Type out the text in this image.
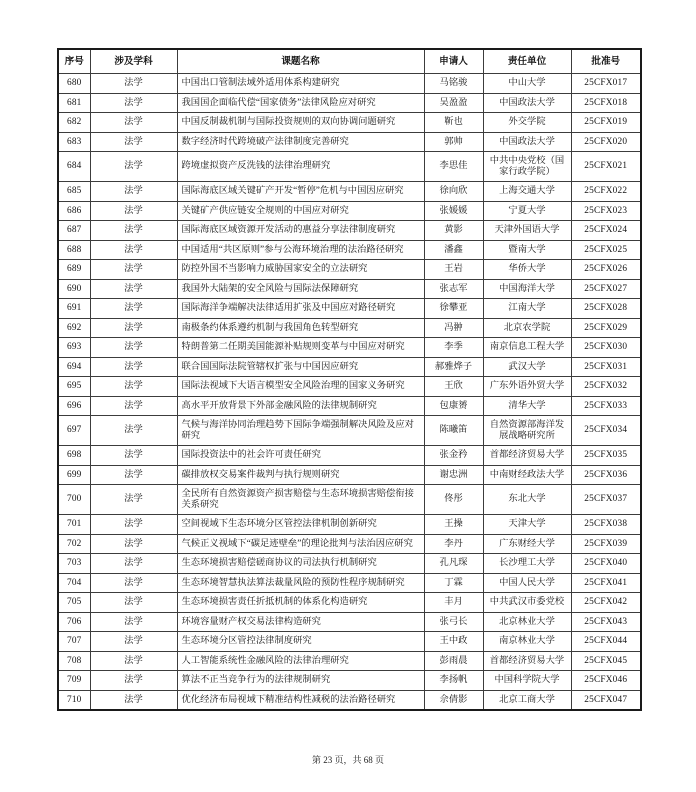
序号	涉及学科	课题名称	申请人	责任单位	批准号
680	法学	中国出口管制法域外适用体系构建研究	马铭骏	中山大学	25CFX017
681	法学	我国国企面临代偿“国家债务”法律风险应对研究	吴盈盈	中国政法大学	25CFX018
682	法学	中国反制裁机制与国际投资规则的双向协调问题研究	靳也	外交学院	25CFX019
683	法学	数字经济时代跨境破产法律制度完善研究	郭帅	中国政法大学	25CFX020
684	法学	跨境虚拟资产反洗钱的法律治理研究	李思佳	中共中央党校（国家行政学院）	25CFX021
685	法学	国际海底区域关键矿产开发“暂停”危机与中国因应研究	徐向欣	上海交通大学	25CFX022
686	法学	关键矿产供应链安全规则的中国应对研究	张媛媛	宁夏大学	25CFX023
687	法学	国际海底区域资源开发活动的惠益分享法律制度研究	黄影	天津外国语大学	25CFX024
688	法学	中国适用“共区原则”参与公海环境治理的法治路径研究	潘鑫	暨南大学	25CFX025
689	法学	防控外国不当影响力威胁国家安全的立法研究	王岩	华侨大学	25CFX026
690	法学	我国外大陆架的安全风险与国际法保障研究	张志军	中国海洋大学	25CFX027
691	法学	国际海洋争端解决法律适用扩张及中国应对路径研究	徐攀亚	江南大学	25CFX028
692	法学	南极条约体系遵约机制与我国角色转型研究	冯翀	北京农学院	25CFX029
693	法学	特朗普第二任期美国能源补贴规则变革与中国应对研究	李季	南京信息工程大学	25CFX030
694	法学	联合国国际法院管辖权扩张与中国因应研究	郝雅烨子	武汉大学	25CFX031
695	法学	国际法视域下大语言模型安全风险治理的国家义务研究	王欣	广东外语外贸大学	25CFX032
696	法学	高水平开放背景下外部金融风险的法律规制研究	包康赟	清华大学	25CFX033
697	法学	气候与海洋协同治理趋势下国际争端强制解决风险及应对研究	陈曦笛	自然资源部海洋发展战略研究所	25CFX034
698	法学	国际投资法中的社会许可责任研究	张金矜	首都经济贸易大学	25CFX035
699	法学	碳排放权交易案件裁判与执行规则研究	谢忠洲	中南财经政法大学	25CFX036
700	法学	全民所有自然资源资产损害赔偿与生态环境损害赔偿衔接关系研究	佟彤	东北大学	25CFX037
701	法学	空间视域下生态环境分区管控法律机制创新研究	王操	天津大学	25CFX038
702	法学	气候正义视域下“碳足迹壁垒”的理论批判与法治因应研究	李丹	广东财经大学	25CFX039
703	法学	生态环境损害赔偿磋商协议的司法执行机制研究	孔凡琛	长沙理工大学	25CFX040
704	法学	生态环境智慧执法算法裁量风险的预防性程序规制研究	丁霖	中国人民大学	25CFX041
705	法学	生态环境损害责任折抵机制的体系化构造研究	丰月	中共武汉市委党校	25CFX042
706	法学	环境容量财产权交易法律构造研究	张弓长	北京林业大学	25CFX043
707	法学	生态环境分区管控法律制度研究	王中政	南京林业大学	25CFX044
708	法学	人工智能系统性金融风险的法律治理研究	彭雨晨	首都经济贸易大学	25CFX045
709	法学	算法不正当竞争行为的法律规制研究	李扬帆	中国科学院大学	25CFX046
710	法学	优化经济布局视域下精准结构性减税的法治路径研究	佘倩影	北京工商大学	25CFX047
第 23 页，共 68 页
